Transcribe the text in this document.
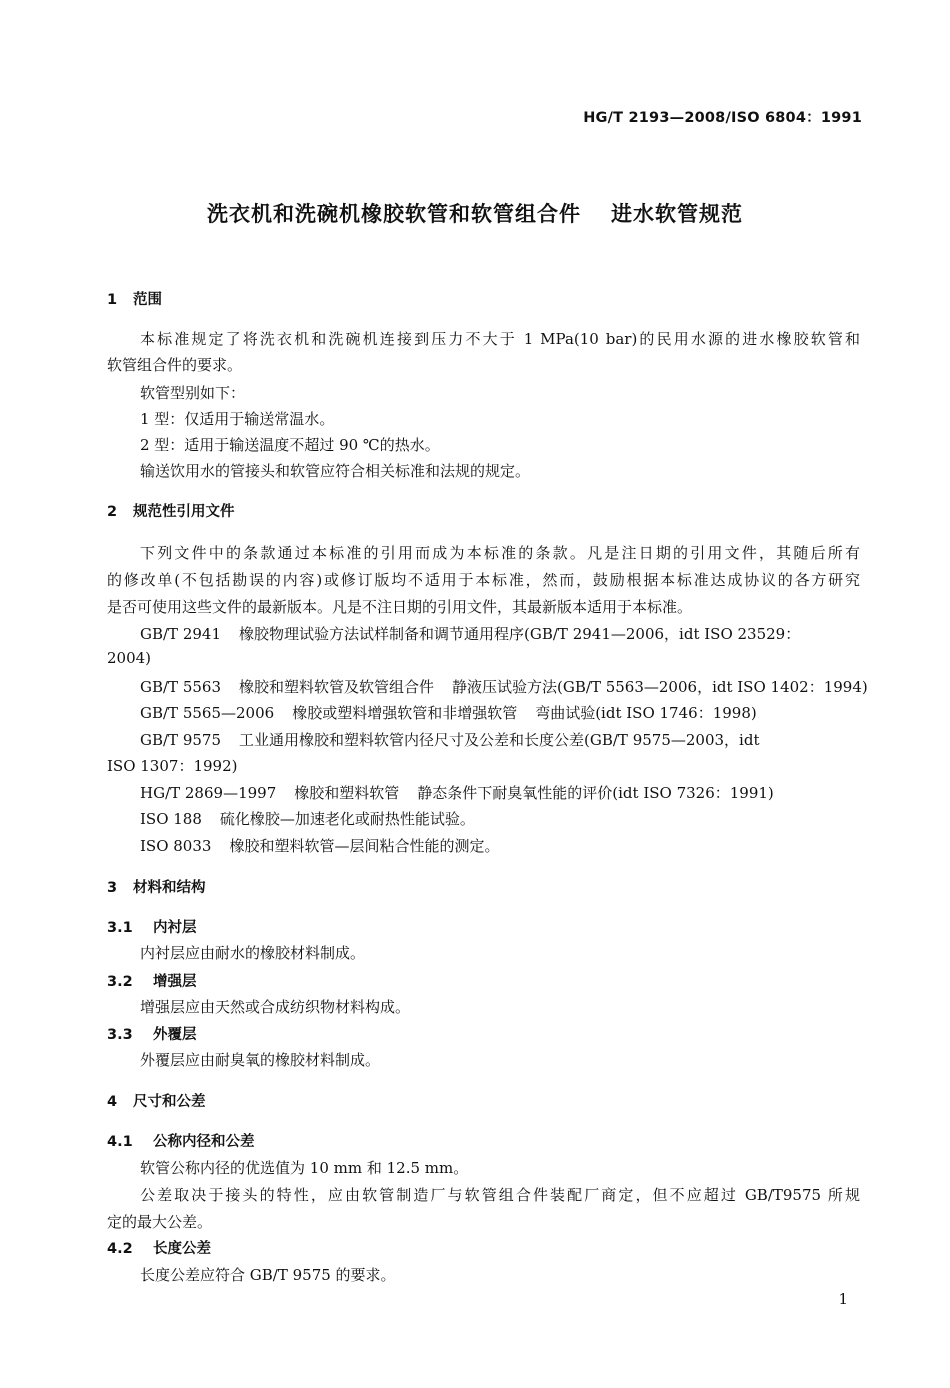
HG/T 2193—2008/ISO 6804：1991
洗衣机和洗碗机橡胶软管和软管组合件 进水软管规范
1 范围
本标准规定了将洗衣机和洗碗机连接到压力不大于 1 MPa(10 bar)的民用水源的进水橡胶软管和
软管组合件的要求。
软管型别如下：
1 型：仅适用于输送常温水。
2 型：适用于输送温度不超过 90 ℃的热水。
输送饮用水的管接头和软管应符合相关标准和法规的规定。
2 规范性引用文件
下列文件中的条款通过本标准的引用而成为本标准的条款。凡是注日期的引用文件，其随后所有
的修改单(不包括勘误的内容)或修订版均不适用于本标准，然而，鼓励根据本标准达成协议的各方研究
是否可使用这些文件的最新版本。凡是不注日期的引用文件，其最新版本适用于本标准。
GB/T 2941 橡胶物理试验方法试样制备和调节通用程序(GB/T 2941—2006，idt ISO 23529：
2004)
GB/T 5563 橡胶和塑料软管及软管组合件 静液压试验方法(GB/T 5563—2006，idt ISO 1402：1994)
GB/T 5565—2006 橡胶或塑料增强软管和非增强软管 弯曲试验(idt ISO 1746：1998)
GB/T 9575 工业通用橡胶和塑料软管内径尺寸及公差和长度公差(GB/T 9575—2003，idt
ISO 1307：1992)
HG/T 2869—1997 橡胶和塑料软管 静态条件下耐臭氧性能的评价(idt ISO 7326：1991)
ISO 188 硫化橡胶—加速老化或耐热性能试验。
ISO 8033 橡胶和塑料软管—层间粘合性能的测定。
3 材料和结构
3.1 内衬层
内衬层应由耐水的橡胶材料制成。
3.2 增强层
增强层应由天然或合成纺织物材料构成。
3.3 外覆层
外覆层应由耐臭氧的橡胶材料制成。
4 尺寸和公差
4.1 公称内径和公差
软管公称内径的优选值为 10 mm 和 12.5 mm。
公差取决于接头的特性，应由软管制造厂与软管组合件装配厂商定，但不应超过 GB/T9575 所规
定的最大公差。
4.2 长度公差
长度公差应符合 GB/T 9575 的要求。
1
